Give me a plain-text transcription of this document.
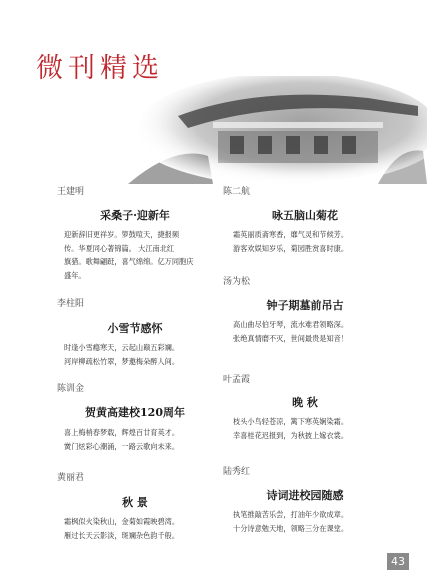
微刊精选
王建明
采桑子·迎新年
迎新辞旧更祥岁。箩鼓喧天，捷报频
传。华夏同心著锦篇。 大江南北红
旗猎。歌舞翩跹，喜气绵绵。亿万同胞庆
盛年。
李柱阳
小雪节感怀
时逢小雪瘾寒天，云起山巅五彩斓。
河岸柳疏松竹翠，梦邀梅朵醉人间。
陈训金
贺黄高建校120周年
喜上梅梢春梦载，辉煌百廿育英才。
黉门炫彩心潮涌，一路云歌向未来。
黄丽君
秋 景
霜枫似火染秋山，金菊如霞映碧湾。
雁过长天云影淡，斑斓杂色韵千般。
陈二航
咏五脑山菊花
霜英丽质斋寒香，靡气灵和节候芳。
游客欢娱知岁乐，菊园胜赏喜时康。
汤为松
钟子期墓前吊古
高山曲尽伯牙琴，流水难君领略深。
张绝真情磨不灭，世间最贵是知音！
叶孟霞
晚 秋
枝头小鸟轻苍凉，篱下寒英娴染霜。
幸喜桂花迟报到，为秋披上嫁衣裳。
陆秀红
诗词进校园随感
执笔推敲苦乐尝，打油年少欲成章。
十分诗意勉天地，领略三分在课堂。
43
